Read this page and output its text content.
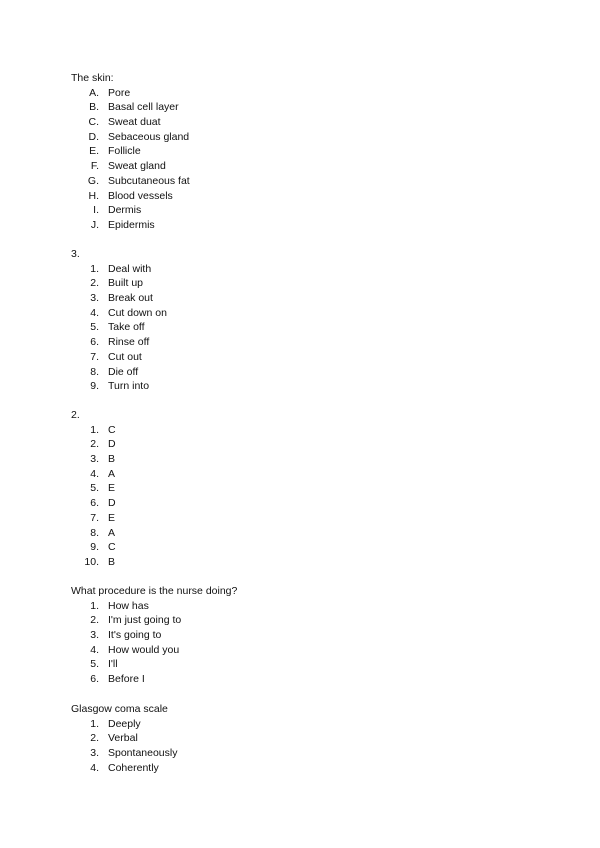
The skin:
A. Pore
B. Basal cell layer
C. Sweat duat
D. Sebaceous gland
E. Follicle
F. Sweat gland
G. Subcutaneous fat
H. Blood vessels
I. Dermis
J. Epidermis
3.
1. Deal with
2. Built up
3. Break out
4. Cut down on
5. Take off
6. Rinse off
7. Cut out
8. Die off
9. Turn into
2.
1. C
2. D
3. B
4. A
5. E
6. D
7. E
8. A
9. C
10. B
What procedure is the nurse doing?
1. How has
2. I'm just going to
3. It's going to
4. How would you
5. I'll
6. Before I
Glasgow coma scale
1. Deeply
2. Verbal
3. Spontaneously
4. Coherently
